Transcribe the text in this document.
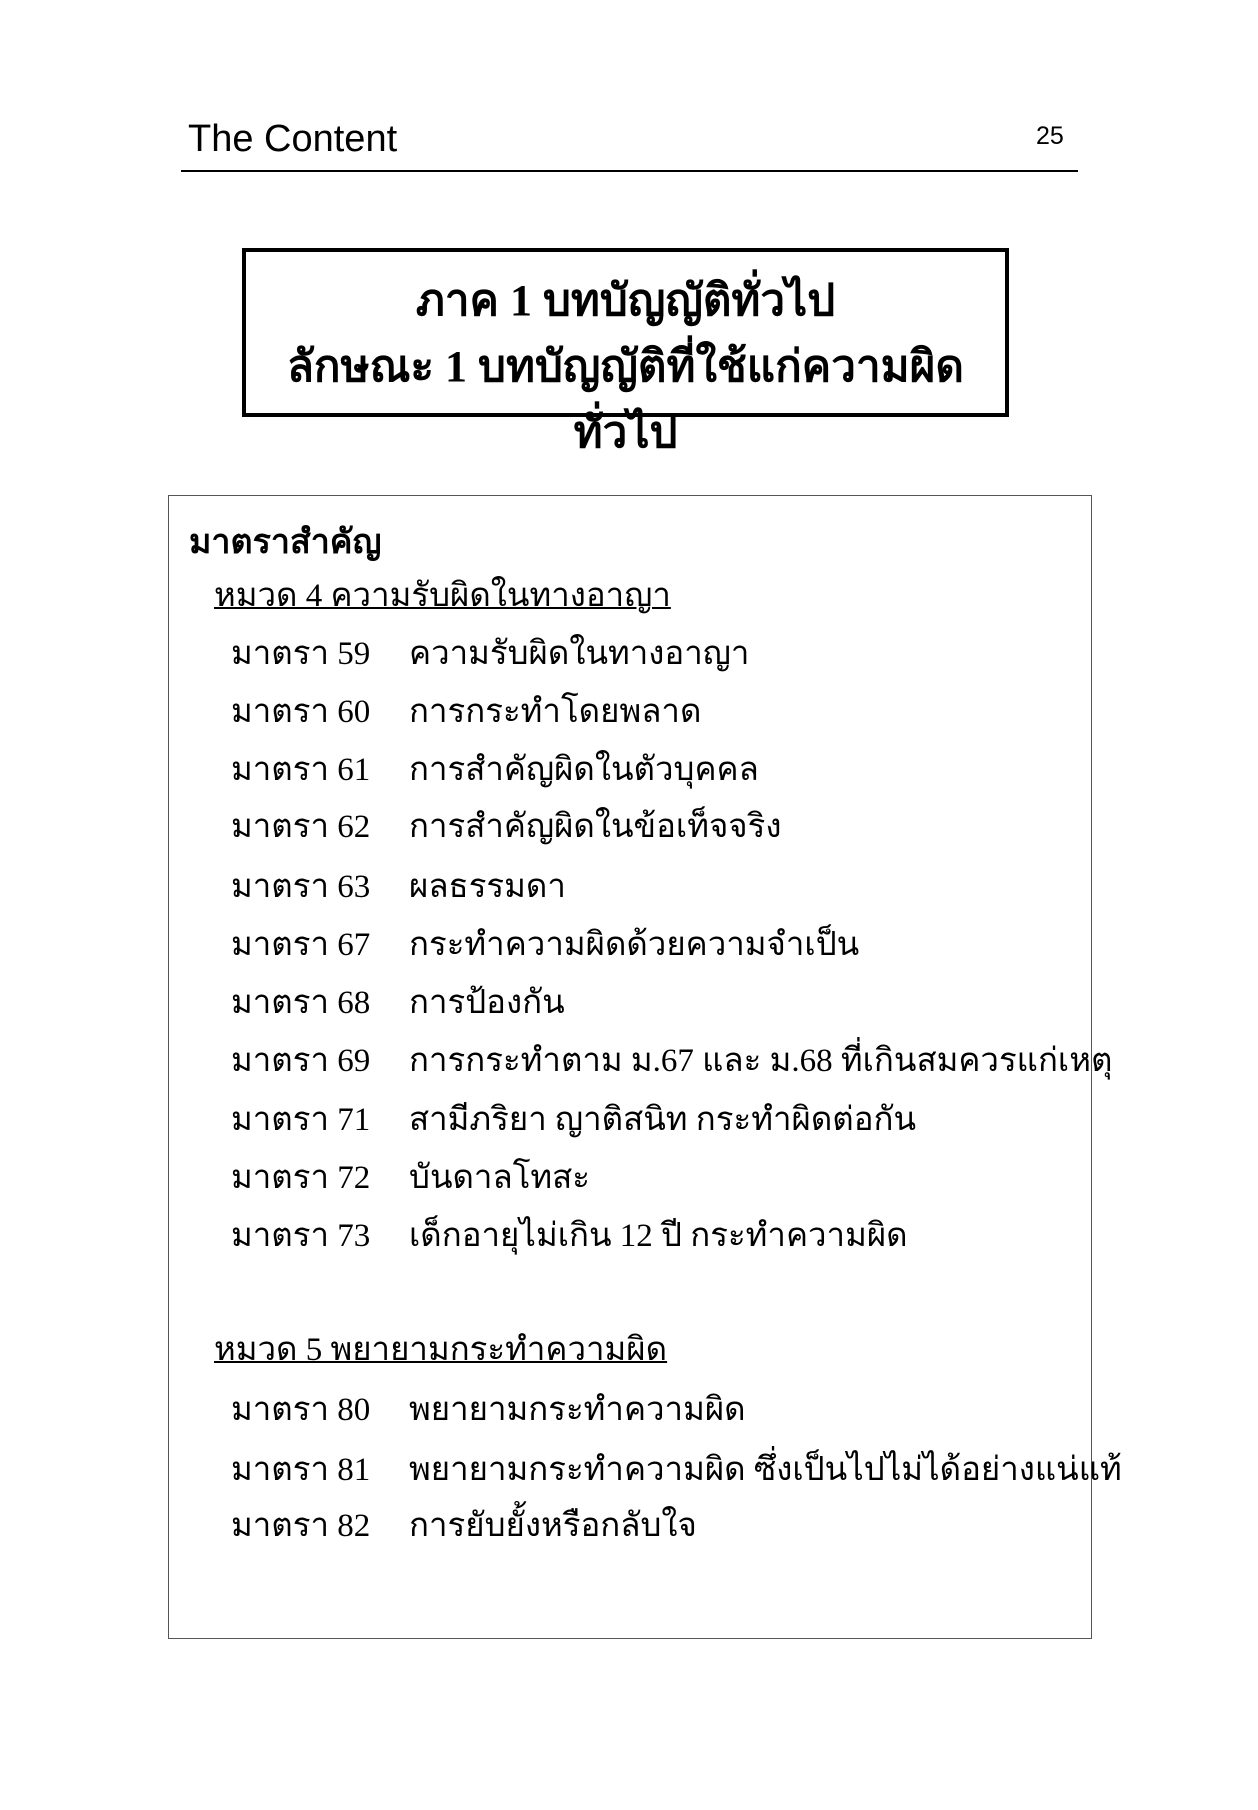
The Content	25
ภาค 1 บทบัญญัติทั่วไป
ลักษณะ 1 บทบัญญัติที่ใช้แก่ความผิดทั่วไป
มาตราสำคัญ
หมวด 4 ความรับผิดในทางอาญา
มาตรา 59 ความรับผิดในทางอาญา
มาตรา 60 การกระทำโดยพลาด
มาตรา 61 การสำคัญผิดในตัวบุคคล
มาตรา 62 การสำคัญผิดในข้อเท็จจริง
มาตรา 63 ผลธรรมดา
มาตรา 67 กระทำความผิดด้วยความจำเป็น
มาตรา 68 การป้องกัน
มาตรา 69 การกระทำตาม ม.67 และ ม.68 ที่เกินสมควรแก่เหตุ
มาตรา 71 สามีภริยา ญาติสนิท กระทำผิดต่อกัน
มาตรา 72 บันดาลโทสะ
มาตรา 73 เด็กอายุไม่เกิน 12 ปี กระทำความผิด
หมวด 5 พยายามกระทำความผิด
มาตรา 80 พยายามกระทำความผิด
มาตรา 81 พยายามกระทำความผิด ซึ่งเป็นไปไม่ได้อย่างแน่แท้
มาตรา 82 การยับยั้งหรือกลับใจ
